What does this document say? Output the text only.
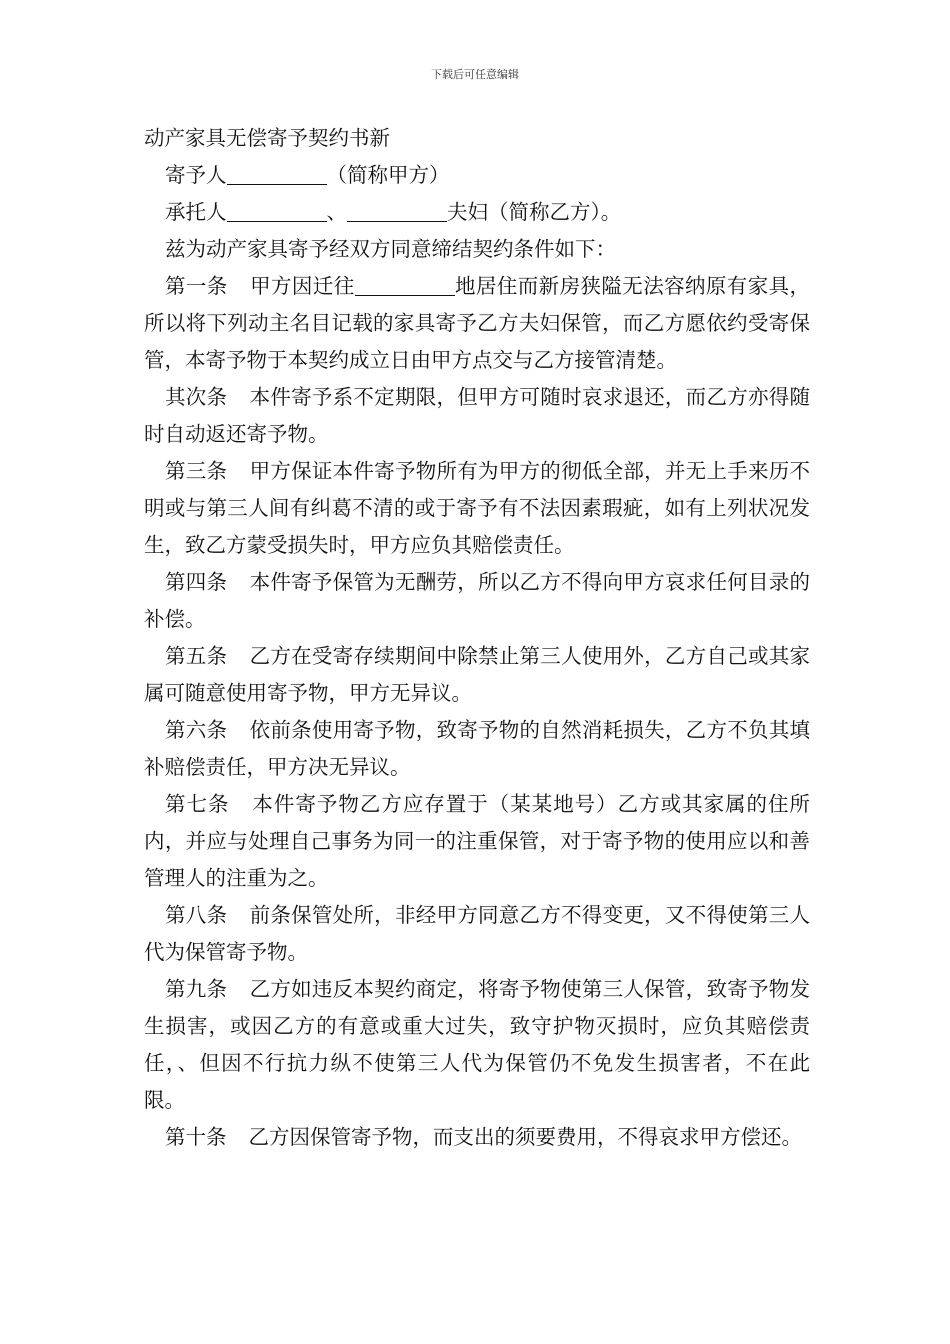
下载后可任意编辑

动产家具无偿寄予契约书新

寄予人	（简称甲方）

承托人	、	夫妇（简称乙方）。

兹为动产家具寄予经双方同意缔结契约条件如下：

第一条 甲方因迁往	地居住而新房狭隘无法容纳原有家具，所以将下列动主名目记载的家具寄予乙方夫妇保管，而乙方愿依约受寄保管，本寄予物于本契约成立日由甲方点交与乙方接管清楚。

其次条 本件寄予系不定期限，但甲方可随时哀求退还，而乙方亦得随时自动返还寄予物。

第三条 甲方保证本件寄予物所有为甲方的彻低全部，并无上手来历不明或与第三人间有纠葛不清的或于寄予有不法因素瑕疵，如有上列状况发生，致乙方蒙受损失时，甲方应负其赔偿责任。

第四条 本件寄予保管为无酬劳，所以乙方不得向甲方哀求任何目录的补偿。

第五条 乙方在受寄存续期间中除禁止第三人使用外，乙方自己或其家属可随意使用寄予物，甲方无异议。

第六条 依前条使用寄予物，致寄予物的自然消耗损失，乙方不负其填补赔偿责任，甲方决无异议。

第七条 本件寄予物乙方应存置于（某某地号）乙方或其家属的住所内，并应与处理自己事务为同一的注重保管，对于寄予物的使用应以和善管理人的注重为之。

第八条 前条保管处所，非经甲方同意乙方不得变更，又不得使第三人代为保管寄予物。

第九条 乙方如违反本契约商定，将寄予物使第三人保管，致寄予物发生损害，或因乙方的有意或重大过失，致守护物灭损时，应负其赔偿责任，、但因不行抗力纵不使第三人代为保管仍不免发生损害者，不在此限。

第十条 乙方因保管寄予物，而支出的须要费用，不得哀求甲方偿还。
